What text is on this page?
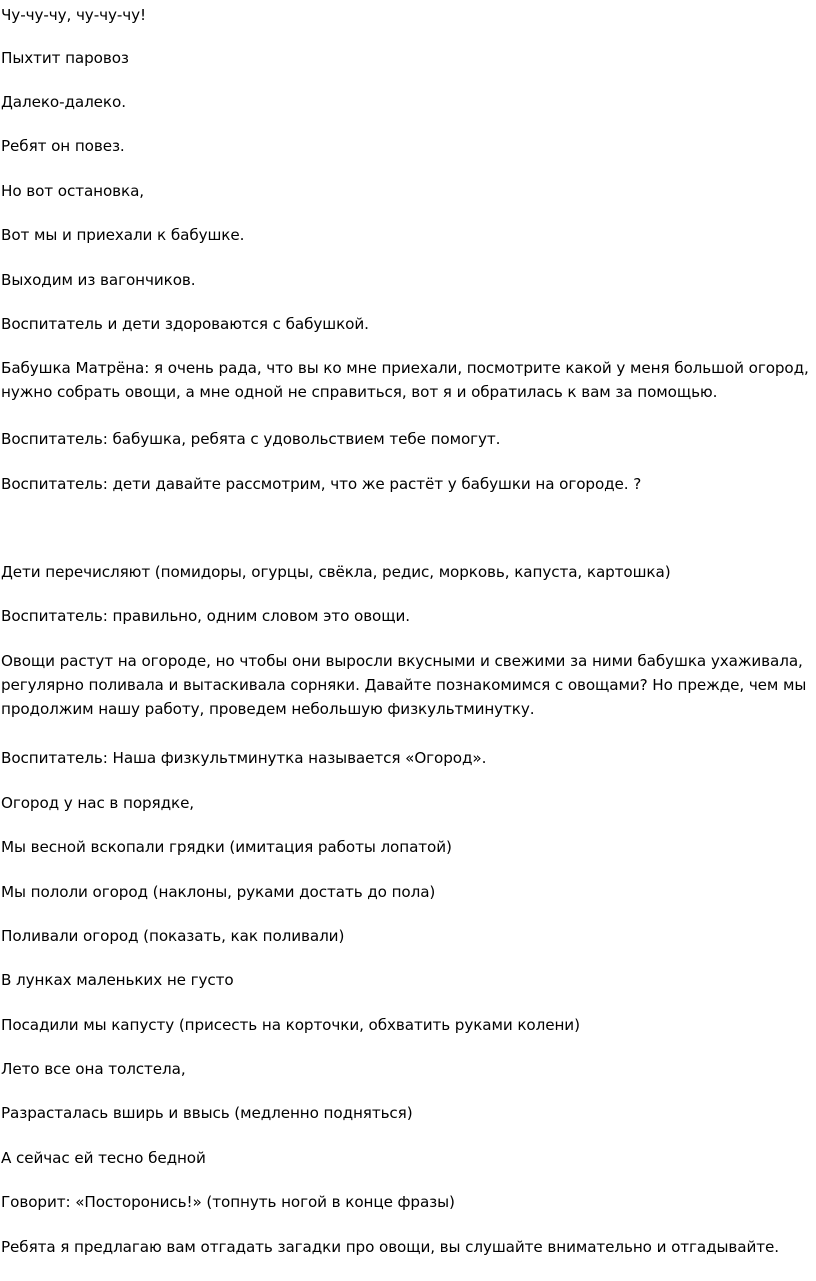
Чу-чу-чу, чу-чу-чу!

Пыхтит паровоз

Далеко-далеко.

Ребят он повез.

Но вот остановка,

Вот мы и приехали к бабушке.

Выходим из вагончиков.

Воспитатель и дети здороваются с бабушкой.

Бабушка Матрёна: я очень рада, что вы ко мне приехали, посмотрите какой у меня большой огород, нужно собрать овощи, а мне одной не справиться, вот я и обратилась к вам за помощью.

Воспитатель: бабушка, ребята с удовольствием тебе помогут.

Воспитатель: дети давайте рассмотрим, что же растёт у бабушки на огороде. ?

Дети перечисляют (помидоры, огурцы, свёкла, редис, морковь, капуста, картошка)

Воспитатель: правильно, одним словом это овощи.

Овощи растут на огороде, но чтобы они выросли вкусными и свежими за ними бабушка ухаживала, регулярно поливала и вытаскивала сорняки. Давайте познакомимся с овощами? Но прежде, чем мы продолжим нашу работу, проведем небольшую физкультминутку.

Воспитатель: Наша физкультминутка называется «Огород».

Огород у нас в порядке,

Мы весной вскопали грядки (имитация работы лопатой)

Мы пололи огород (наклоны, руками достать до пола)

Поливали огород (показать, как поливали)

В лунках маленьких не густо

Посадили мы капусту (присесть на корточки, обхватить руками колени)

Лето все она толстела,

Разрасталась вширь и ввысь (медленно подняться)

А сейчас ей тесно бедной

Говорит: «Посторонись!» (топнуть ногой в конце фразы)

Ребята я предлагаю вам отгадать загадки про овощи, вы слушайте внимательно и отгадывайте.
